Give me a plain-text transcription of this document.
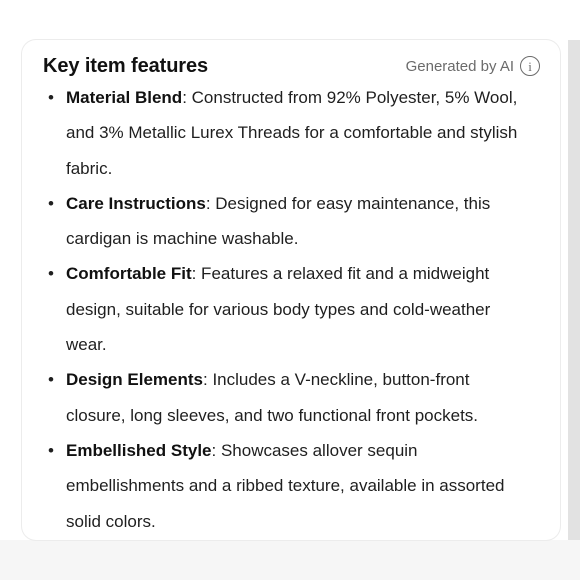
Key item features	Generated by AI	i
• Material Blend: Constructed from 92% Polyester, 5% Wool, and 3% Metallic Lurex Threads for a comfortable and stylish fabric.
• Care Instructions: Designed for easy maintenance, this cardigan is machine washable.
• Comfortable Fit: Features a relaxed fit and a midweight design, suitable for various body types and cold-weather wear.
• Design Elements: Includes a V-neckline, button-front closure, long sleeves, and two functional front pockets.
• Embellished Style: Showcases allover sequin embellishments and a ribbed texture, available in assorted solid colors.
